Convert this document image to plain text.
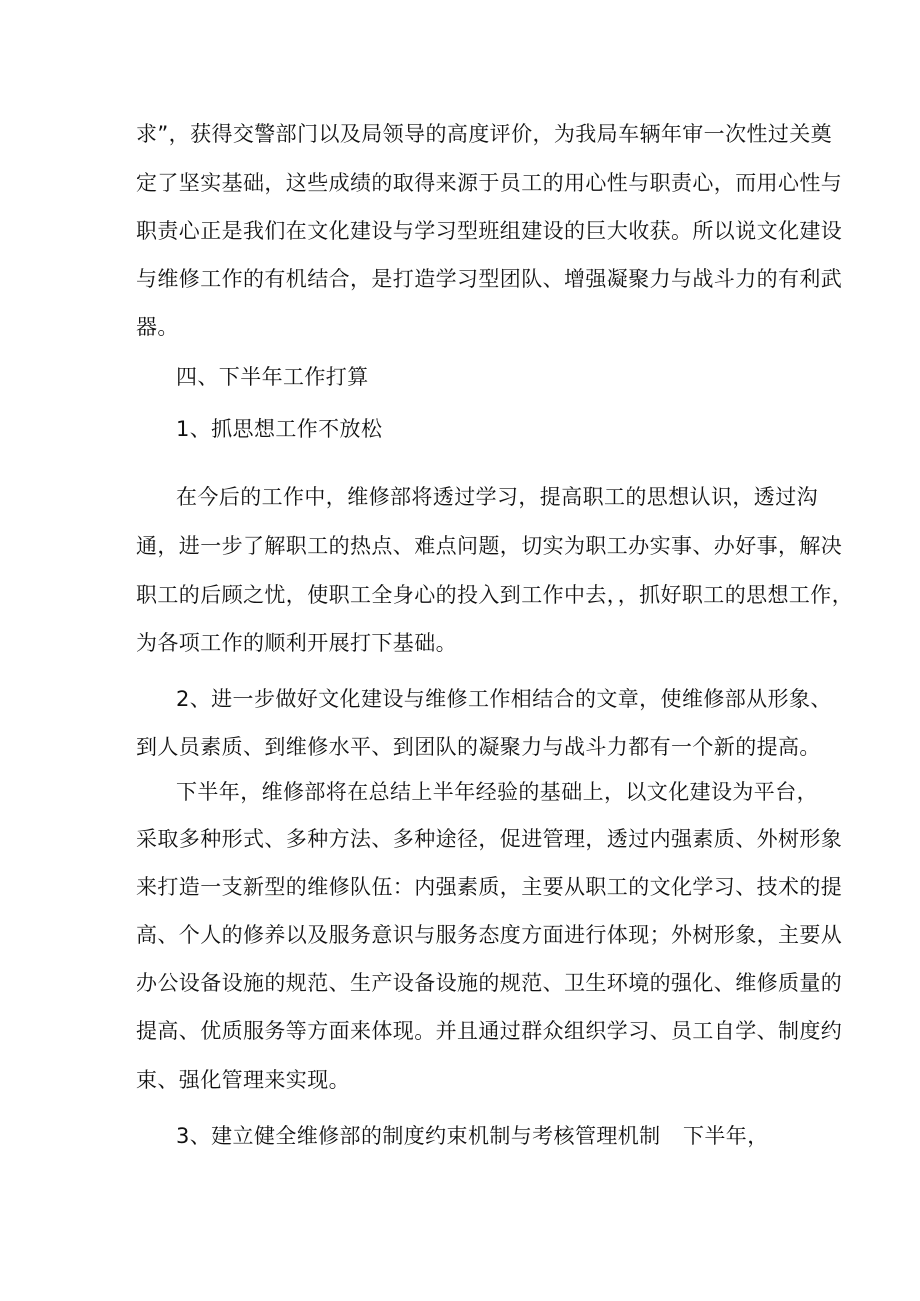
求”，获得交警部门以及局领导的高度评价，为我局车辆年审一次性过关奠
定了坚实基础，这些成绩的取得来源于员工的用心性与职责心，而用心性与
职责心正是我们在文化建设与学习型班组建设的巨大收获。所以说文化建设
与维修工作的有机结合，是打造学习型团队、增强凝聚力与战斗力的有利武
器。
四、下半年工作打算
1、抓思想工作不放松
在今后的工作中，维修部将透过学习，提高职工的思想认识，透过沟
通，进一步了解职工的热点、难点问题，切实为职工办实事、办好事，解决
职工的后顾之忧，使职工全身心的投入到工作中去，，抓好职工的思想工作，
为各项工作的顺利开展打下基础。
2、进一步做好文化建设与维修工作相结合的文章，使维修部从形象、
到人员素质、到维修水平、到团队的凝聚力与战斗力都有一个新的提高。
下半年，维修部将在总结上半年经验的基础上，以文化建设为平台，
采取多种形式、多种方法、多种途径，促进管理，透过内强素质、外树形象
来打造一支新型的维修队伍：内强素质，主要从职工的文化学习、技术的提
高、个人的修养以及服务意识与服务态度方面进行体现；外树形象，主要从
办公设备设施的规范、生产设备设施的规范、卫生环境的强化、维修质量的
提高、优质服务等方面来体现。并且通过群众组织学习、员工自学、制度约
束、强化管理来实现。
3、建立健全维修部的制度约束机制与考核管理机制	下半年，
